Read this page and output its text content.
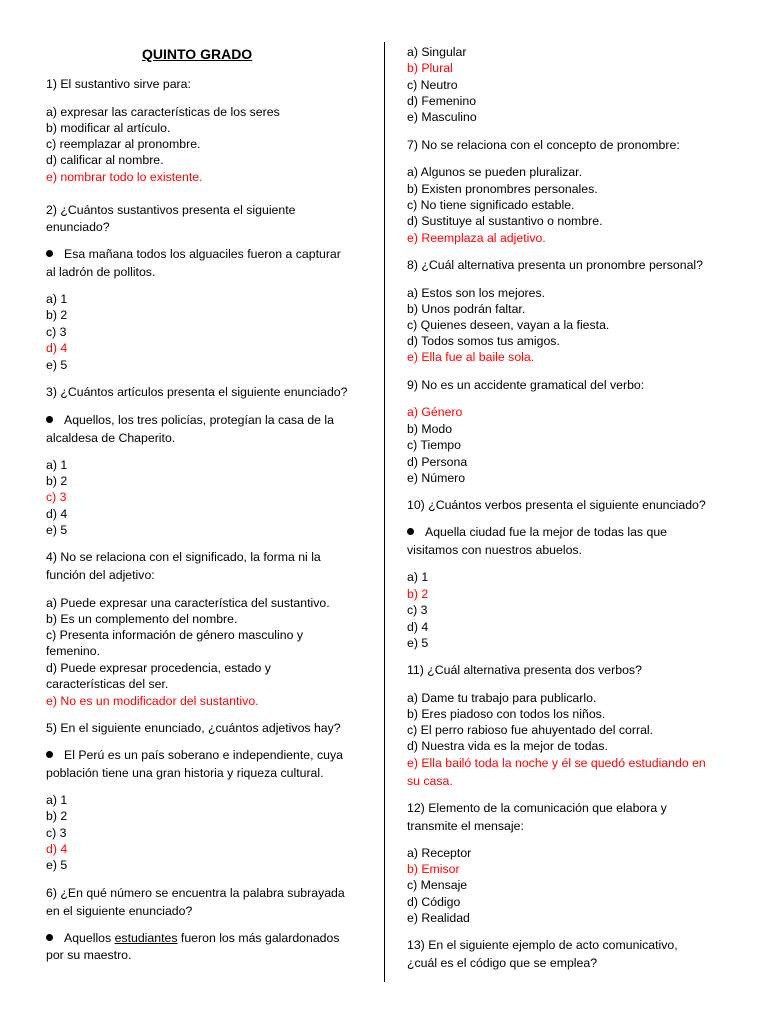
QUINTO GRADO
1) El sustantivo sirve para:
a) expresar las características de los seres
b) modificar al artículo.
c) reemplazar al pronombre.
d) calificar al nombre.
e) nombrar todo lo existente.
2) ¿Cuántos sustantivos presenta el siguiente
enunciado?
Esa mañana todos los alguaciles fueron a capturar
al ladrón de pollitos.
a) 1
b) 2
c) 3
d) 4
e) 5
3) ¿Cuántos artículos presenta el siguiente enunciado?
Aquellos, los tres policías, protegían la casa de la
alcaldesa de Chaperito.
a) 1
b) 2
c) 3
d) 4
e) 5
4) No se relaciona con el significado, la forma ni la
función del adjetivo:
a) Puede expresar una característica del sustantivo.
b) Es un complemento del nombre.
c) Presenta información de género masculino y
femenino.
d) Puede expresar procedencia, estado y
características del ser.
e) No es un modificador del sustantivo.
5) En el siguiente enunciado, ¿cuántos adjetivos hay?
El Perú es un país soberano e independiente, cuya
población tiene una gran historia y riqueza cultural.
a) 1
b) 2
c) 3
d) 4
e) 5
6) ¿En qué número se encuentra la palabra subrayada
en el siguiente enunciado?
Aquellos estudiantes fueron los más galardonados
por su maestro.
a) Singular
b) Plural
c) Neutro
d) Femenino
e) Masculino
7) No se relaciona con el concepto de pronombre:
a) Algunos se pueden pluralizar.
b) Existen pronombres personales.
c) No tiene significado estable.
d) Sustituye al sustantivo o nombre.
e) Reemplaza al adjetivo.
8) ¿Cuál alternativa presenta un pronombre personal?
a) Estos son los mejores.
b) Unos podrán faltar.
c) Quienes deseen, vayan a la fiesta.
d) Todos somos tus amigos.
e) Ella fue al baile sola.
9) No es un accidente gramatical del verbo:
a) Género
b) Modo
c) Tiempo
d) Persona
e) Número
10) ¿Cuántos verbos presenta el siguiente enunciado?
Aquella ciudad fue la mejor de todas las que
visitamos con nuestros abuelos.
a) 1
b) 2
c) 3
d) 4
e) 5
11) ¿Cuál alternativa presenta dos verbos?
a) Dame tu trabajo para publicarlo.
b) Eres piadoso con todos los niños.
c) El perro rabioso fue ahuyentado del corral.
d) Nuestra vida es la mejor de todas.
e) Ella bailó toda la noche y él se quedó estudiando en
su casa.
12) Elemento de la comunicación que elabora y
transmite el mensaje:
a) Receptor
b) Emisor
c) Mensaje
d) Código
e) Realidad
13) En el siguiente ejemplo de acto comunicativo,
¿cuál es el código que se emplea?
